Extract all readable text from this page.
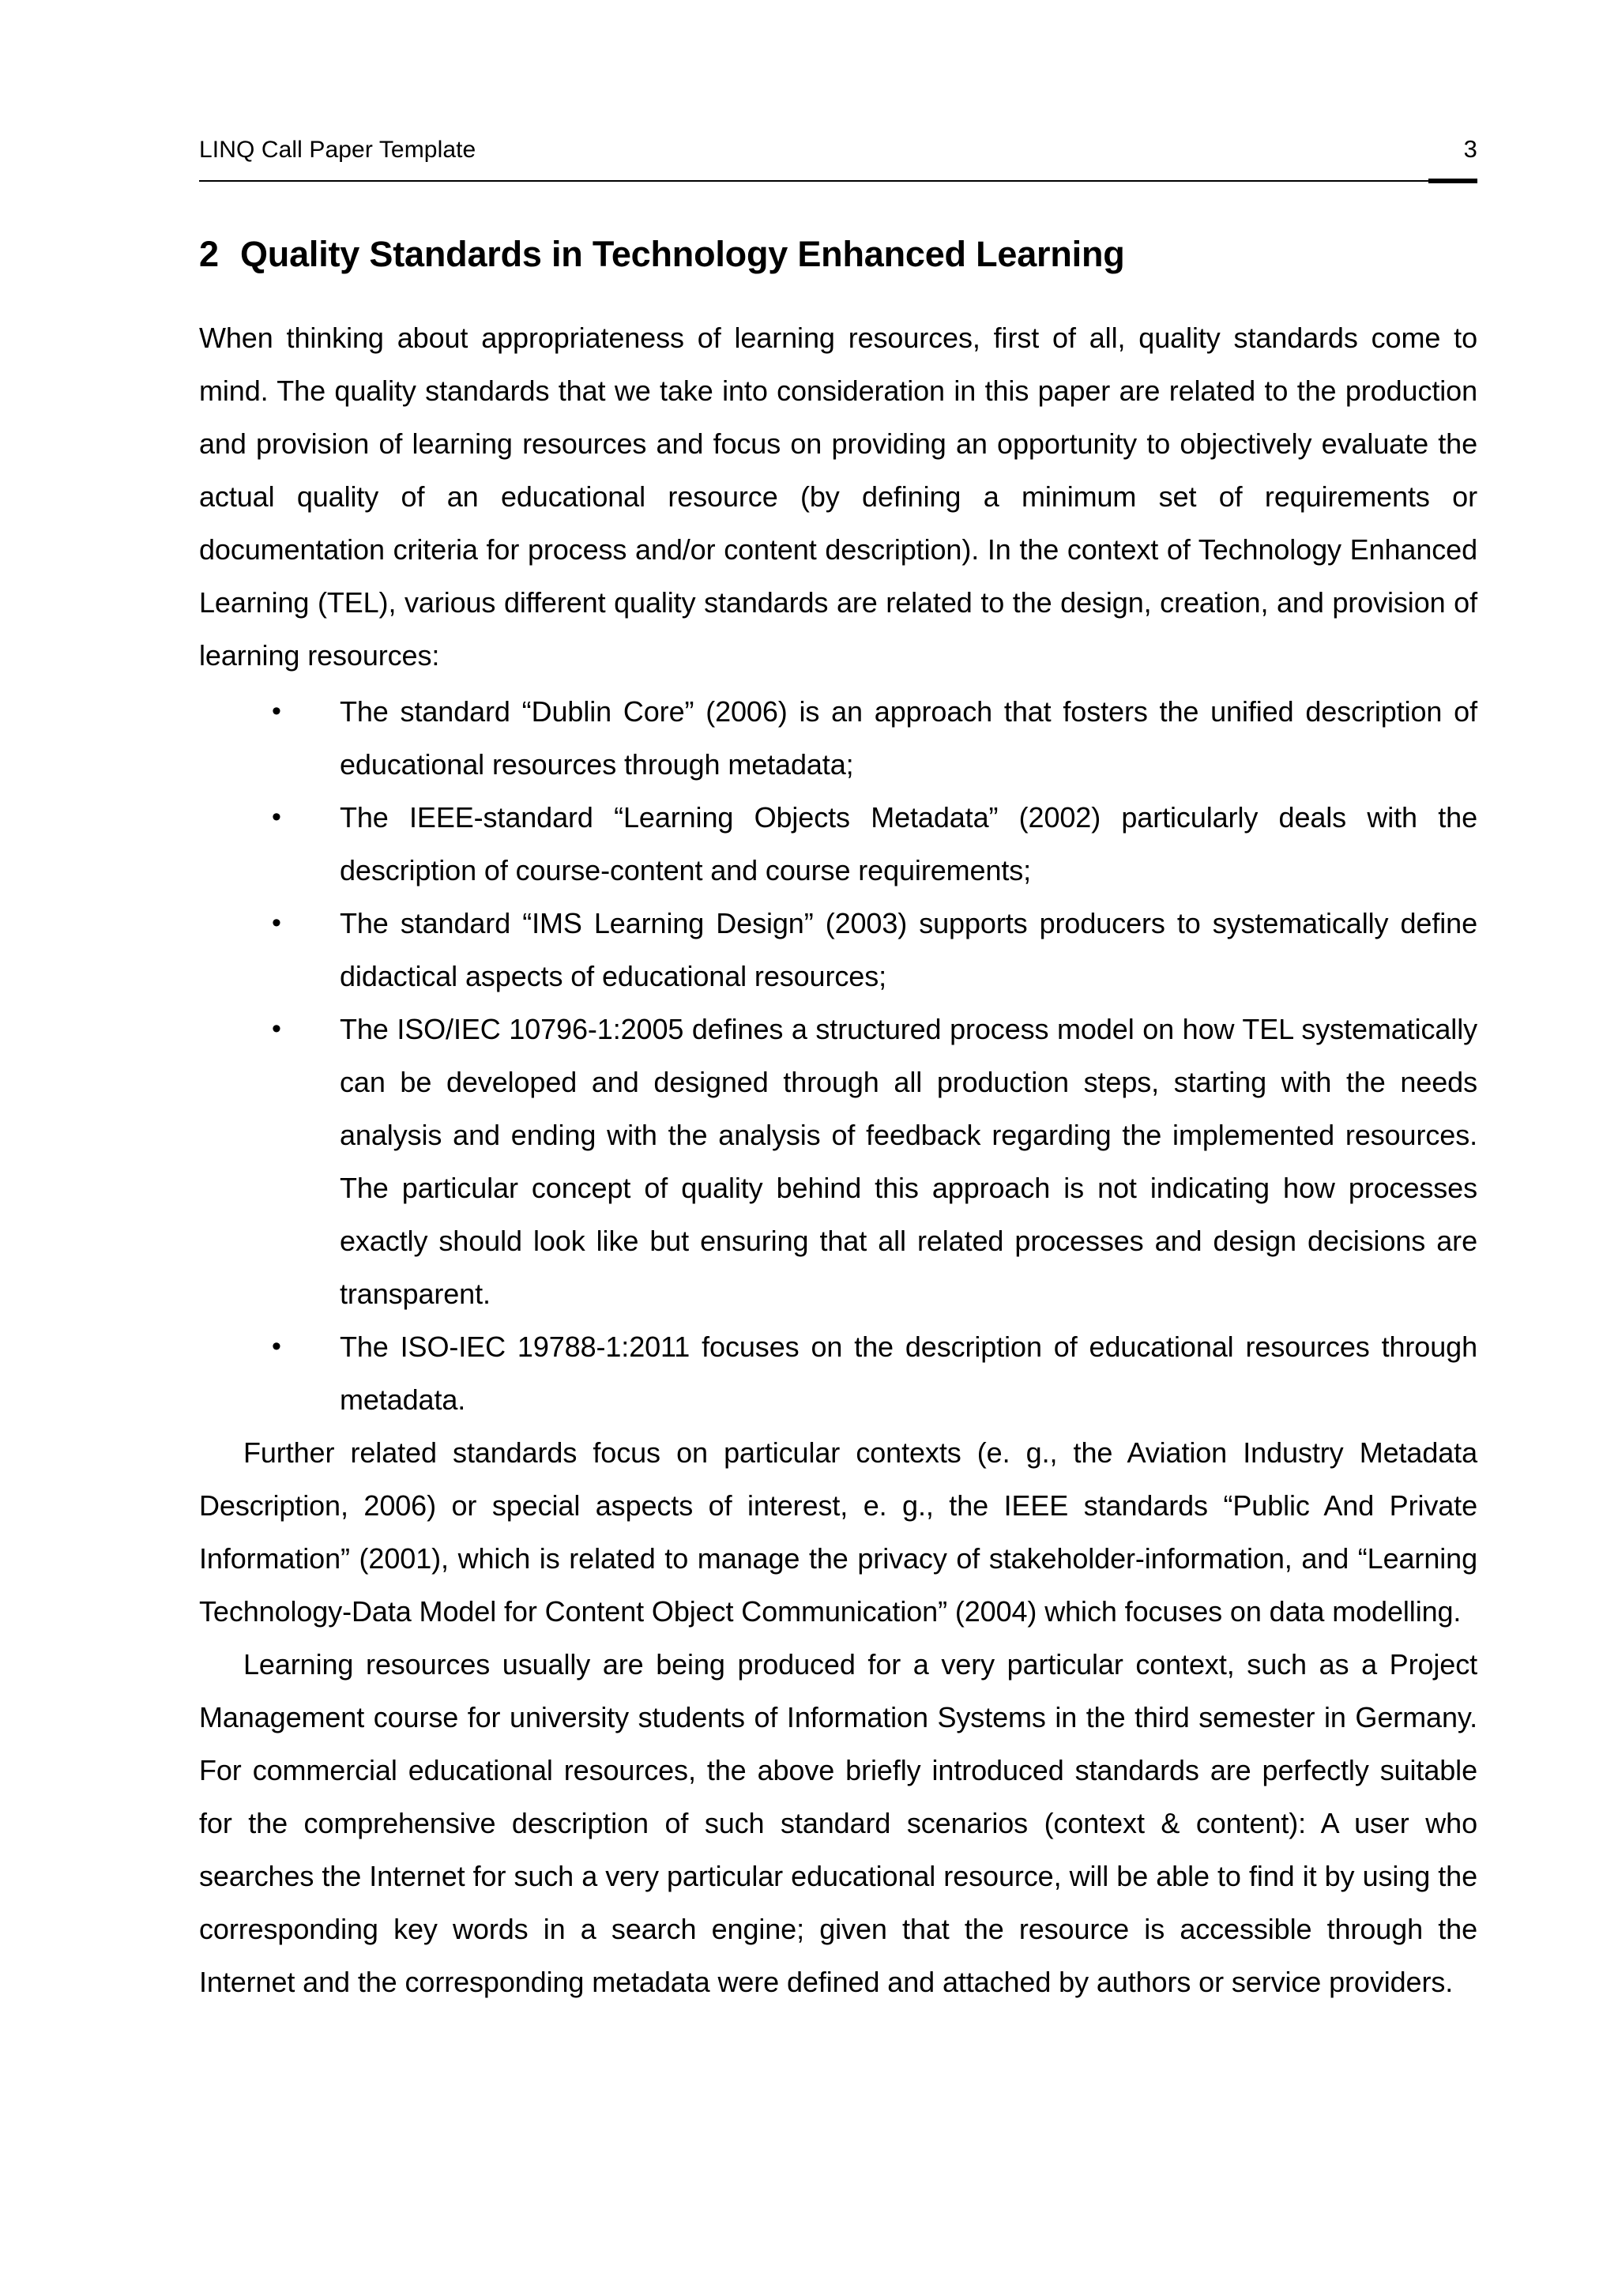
LINQ Call Paper Template	3
2 Quality Standards in Technology Enhanced Learning

When thinking about appropriateness of learning resources, first of all, quality standards come to mind. The quality standards that we take into consideration in this paper are related to the production and provision of learning resources and focus on providing an opportunity to objectively evaluate the actual quality of an educational resource (by defining a minimum set of requirements or documentation criteria for process and/or content description). In the context of Technology Enhanced Learning (TEL), various different quality standards are related to the design, creation, and provision of learning resources:

•	The standard “Dublin Core” (2006) is an approach that fosters the unified description of educational resources through metadata;
•	The IEEE-standard “Learning Objects Metadata” (2002) particularly deals with the description of course-content and course requirements;
•	The standard “IMS Learning Design” (2003) supports producers to systematically define didactical aspects of educational resources;
•	The ISO/IEC 10796-1:2005 defines a structured process model on how TEL systematically can be developed and designed through all production steps, starting with the needs analysis and ending with the analysis of feedback regarding the implemented resources. The particular concept of quality behind this approach is not indicating how processes exactly should look like but ensuring that all related processes and design decisions are transparent.
•	The ISO-IEC 19788-1:2011 focuses on the description of educational resources through metadata.

Further related standards focus on particular contexts (e. g., the Aviation Industry Metadata Description, 2006) or special aspects of interest, e. g., the IEEE standards “Public And Private Information” (2001), which is related to manage the privacy of stakeholder-information, and “Learning Technology-Data Model for Content Object Communication” (2004) which focuses on data modelling.

Learning resources usually are being produced for a very particular context, such as a Project Management course for university students of Information Systems in the third semester in Germany. For commercial educational resources, the above briefly introduced standards are perfectly suitable for the comprehensive description of such standard scenarios (context & content): A user who searches the Internet for such a very particular educational resource, will be able to find it by using the corresponding key words in a search engine; given that the resource is accessible through the Internet and the corresponding metadata were defined and attached by authors or service providers.
